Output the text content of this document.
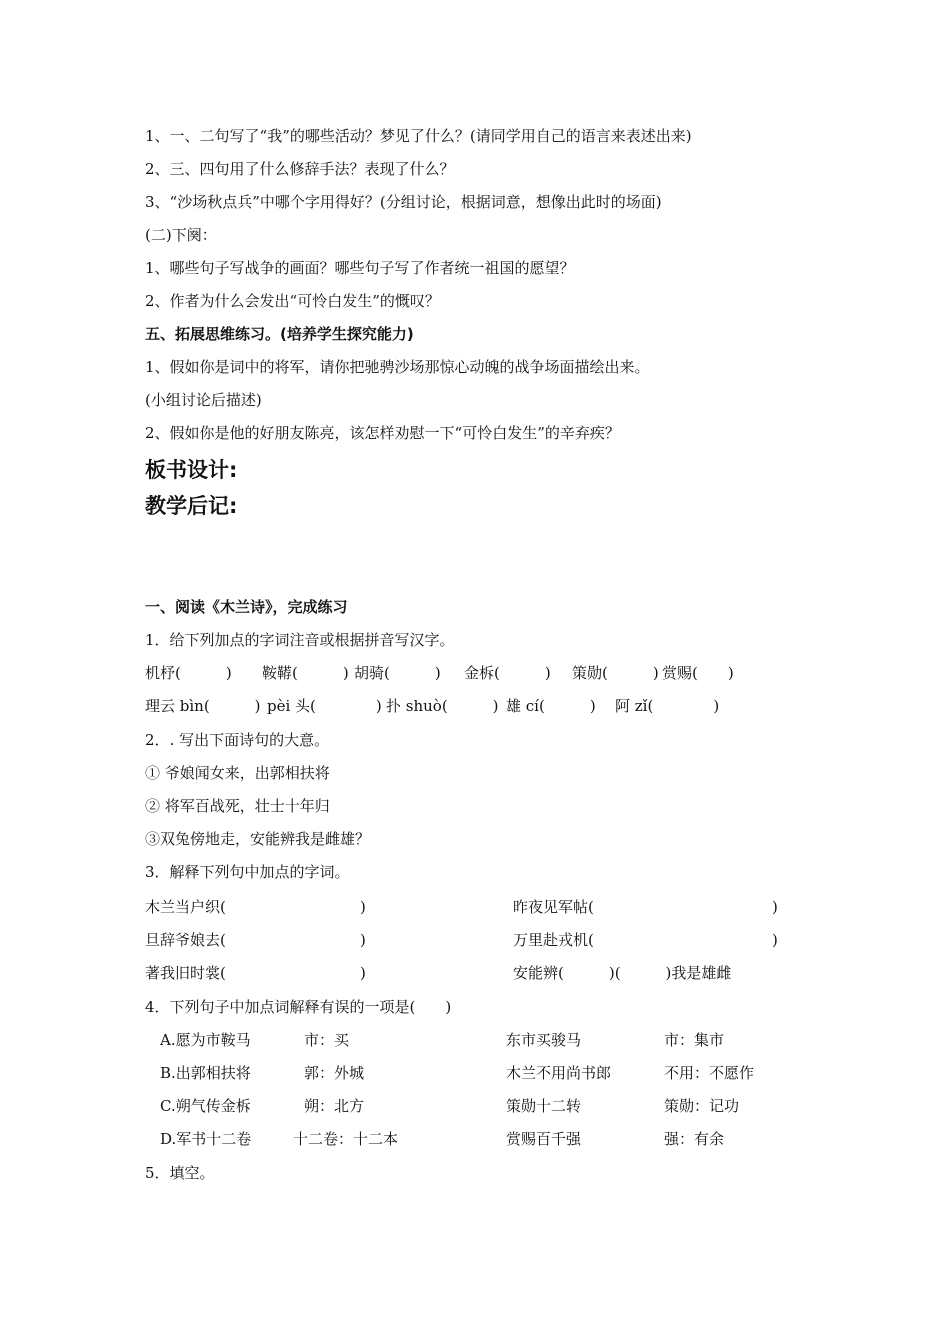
1、一、二句写了“我”的哪些活动？梦见了什么？(请同学用自己的语言来表述出来)
2、三、四句用了什么修辞手法？表现了什么？
3、“沙场秋点兵”中哪个字用得好？(分组讨论，根据词意，想像出此时的场面)
(二)下阕：
1、哪些句子写战争的画面？哪些句子写了作者统一祖国的愿望？
2、作者为什么会发出“可怜白发生”的慨叹？
五、拓展思维练习。(培养学生探究能力)
1、假如你是词中的将军，请你把驰骋沙场那惊心动魄的战争场面描绘出来。
(小组讨论后描述)
2、假如你是他的好朋友陈亮，该怎样劝慰一下“可怜白发生”的辛弃疾？
板书设计:
教学后记:
一、阅读《木兰诗》，完成练习
1．给下列加点的字词注音或根据拼音写汉字。
机杼(　　　) 鞍鞯(　　　) 胡骑(　　　) 金柝(　　　) 策勋(　　　) 赏赐(　　)
理云 bìn(　　　) pèi 头(　　　　) 扑 shuò(　　　) 雄 cí(　　　) 阿 zǐ(　　　　)
2．. 写出下面诗句的大意。
① 爷娘闻女来，出郭相扶将
② 将军百战死，壮士十年归
③双兔傍地走，安能辨我是雌雄？
3．解释下列句中加点的字词。
木兰当户织(	)	昨夜见军帖(	)
旦辞爷娘去(	)	万里赴戎机(	)
著我旧时裳(	)	安能辨(　　　)(　　　)我是雄雌
4．下列句子中加点词解释有误的一项是(　　)
A.愿为市鞍马	市：买	东市买骏马	市：集市
B.出郭相扶将	郭：外城	木兰不用尚书郎	不用：不愿作
C.朔气传金柝	朔：北方	策勋十二转	策勋：记功
D.军书十二卷	十二卷：十二本	赏赐百千强	强：有余
5．填空。
